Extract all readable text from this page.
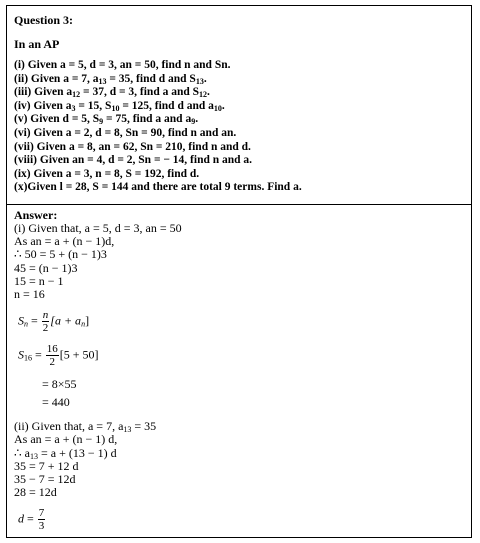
Question 3:
In an AP
(i) Given a = 5, d = 3, an = 50, find n and Sn.
(ii) Given a = 7, $a_{13} = 35$, find d and $S_{13}$.
(iii) Given $a_{12} = 37$, d = 3, find a and $S_{12}$.
(iv) Given $a_3 = 15$, $S_{10} = 125$, find d and $a_{10}$.
(v) Given d = 5, $S_9 = 75$, find a and $a_9$.
(vi) Given a = 2, d = 8, Sn = 90, find n and an.
(vii) Given a = 8, an = 62, Sn = 210, find n and d.
(viii) Given an = 4, d = 2, Sn = − 14, find n and a.
(ix) Given a = 3, n = 8, S = 192, find d.
(x)Given l = 28, S = 144 and there are total 9 terms. Find a.
Answer:
(i) Given that, a = 5, d = 3, an = 50
As an = a + (n − 1)d,
∴ 50 = 5 + (n − 1)3
45 = (n − 1)3
15 = n − 1
n = 16
$S_n = \frac{n}{2} [a + a_n]$
$S_{16} = \frac{16}{2} [5 + 50]$
= 8×55
= 440
(ii) Given that, a = 7, $a_{13} = 35$
As an = a + (n − 1) d,
∴ $a_{13} = a + (13 - 1)$ d
35 = 7 + 12 d
35 − 7 = 12d
28 = 12d
$d = \frac{7}{3}$
